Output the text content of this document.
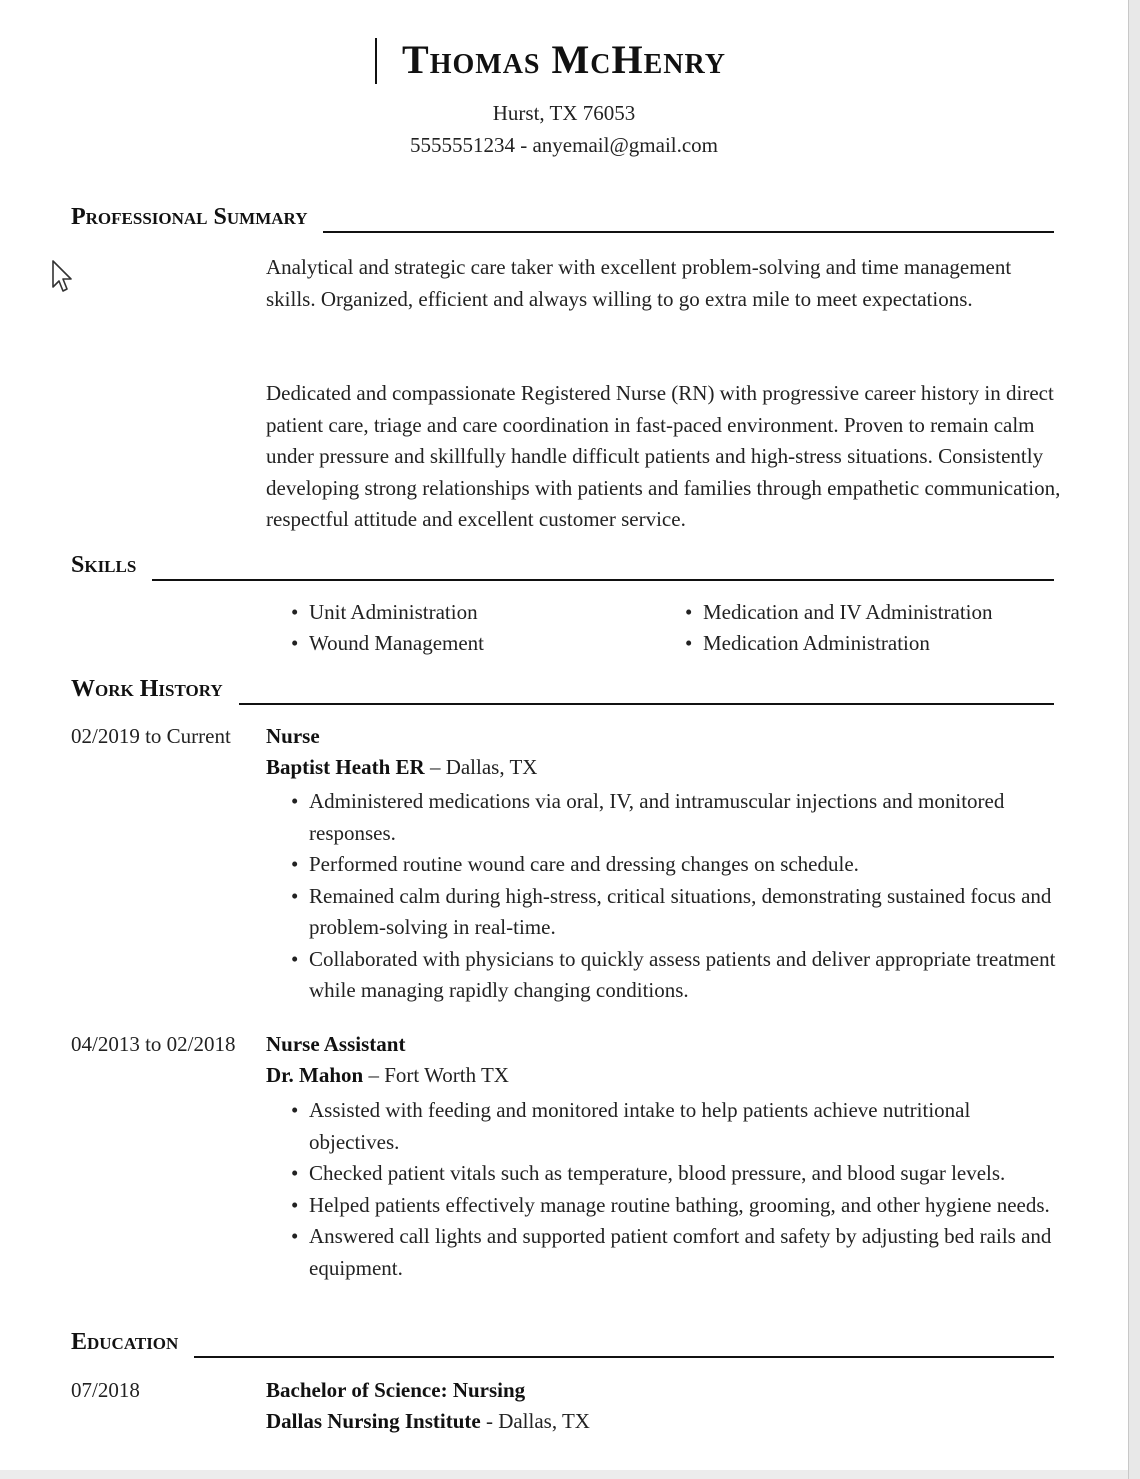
Thomas McHenry
Hurst, TX 76053
5555551234 - anyemail@gmail.com
Professional Summary
Analytical and strategic care taker with excellent problem-solving and time management skills. Organized, efficient and always willing to go extra mile to meet expectations.
Dedicated and compassionate Registered Nurse (RN) with progressive career history in direct patient care, triage and care coordination in fast-paced environment. Proven to remain calm under pressure and skillfully handle difficult patients and high-stress situations. Consistently developing strong relationships with patients and families through empathetic communication, respectful attitude and excellent customer service.
Skills
• Unit Administration
• Wound Management
• Medication and IV Administration
• Medication Administration
Work History
02/2019 to Current Nurse
Baptist Heath ER – Dallas, TX
• Administered medications via oral, IV, and intramuscular injections and monitored responses.
• Performed routine wound care and dressing changes on schedule.
• Remained calm during high-stress, critical situations, demonstrating sustained focus and problem-solving in real-time.
• Collaborated with physicians to quickly assess patients and deliver appropriate treatment while managing rapidly changing conditions.
04/2013 to 02/2018 Nurse Assistant
Dr. Mahon – Fort Worth TX
• Assisted with feeding and monitored intake to help patients achieve nutritional objectives.
• Checked patient vitals such as temperature, blood pressure, and blood sugar levels.
• Helped patients effectively manage routine bathing, grooming, and other hygiene needs.
• Answered call lights and supported patient comfort and safety by adjusting bed rails and equipment.
Education
07/2018	Bachelor of Science: Nursing
Dallas Nursing Institute - Dallas, TX
